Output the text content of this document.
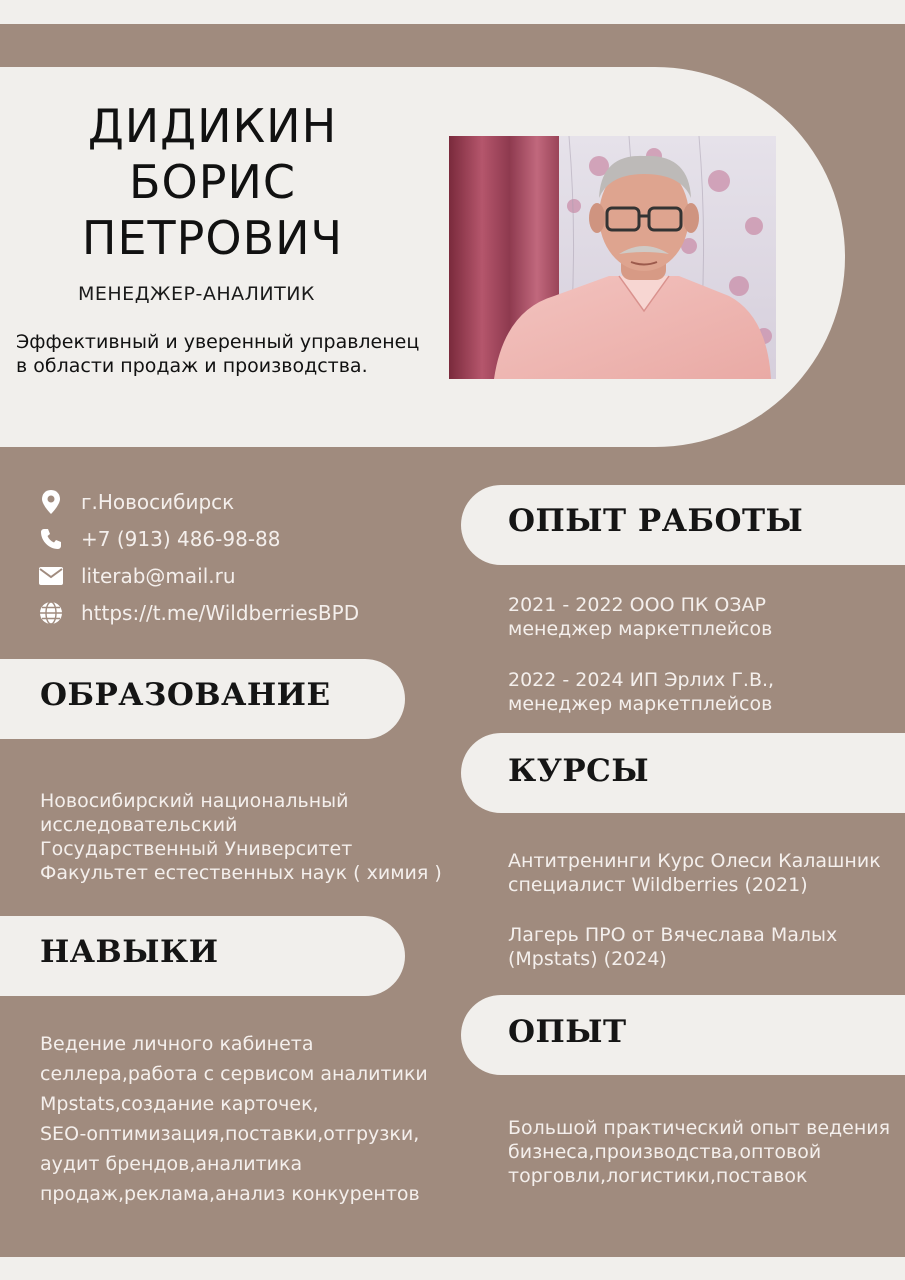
ДИДИКИН
БОРИС
ПЕТРОВИЧ
МЕНЕДЖЕР-АНАЛИТИК
Эффективный и уверенный управленец
в области продаж и производства.
г.Новосибирск
+7 (913) 486-98-88
literab@mail.ru
https://t.me/WildberriesBPD
ОБРАЗОВАНИЕ
Новосибирский национальный
исследовательский
Государственный Университет
Факультет естественных наук ( химия )
НАВЫКИ
Ведение личного кабинета
селлера,работа с сервисом аналитики
Mpstats,создание карточек,
SEO-оптимизация,поставки,отгрузки,
аудит брендов,аналитика
продаж,реклама,анализ конкурентов
ОПЫТ РАБОТЫ
2021 - 2022 ООО ПК ОЗАР
менеджер маркетплейсов
2022 - 2024 ИП Эрлих Г.В.,
менеджер маркетплейсов
КУРСЫ
Антитренинги Курс Олеси Калашник
специалист Wildberries (2021)
Лагерь ПРО от Вячеслава Малых
(Mpstats) (2024)
ОПЫТ
Большой практический опыт ведения
бизнеса,производства,оптовой
торговли,логистики,поставок
